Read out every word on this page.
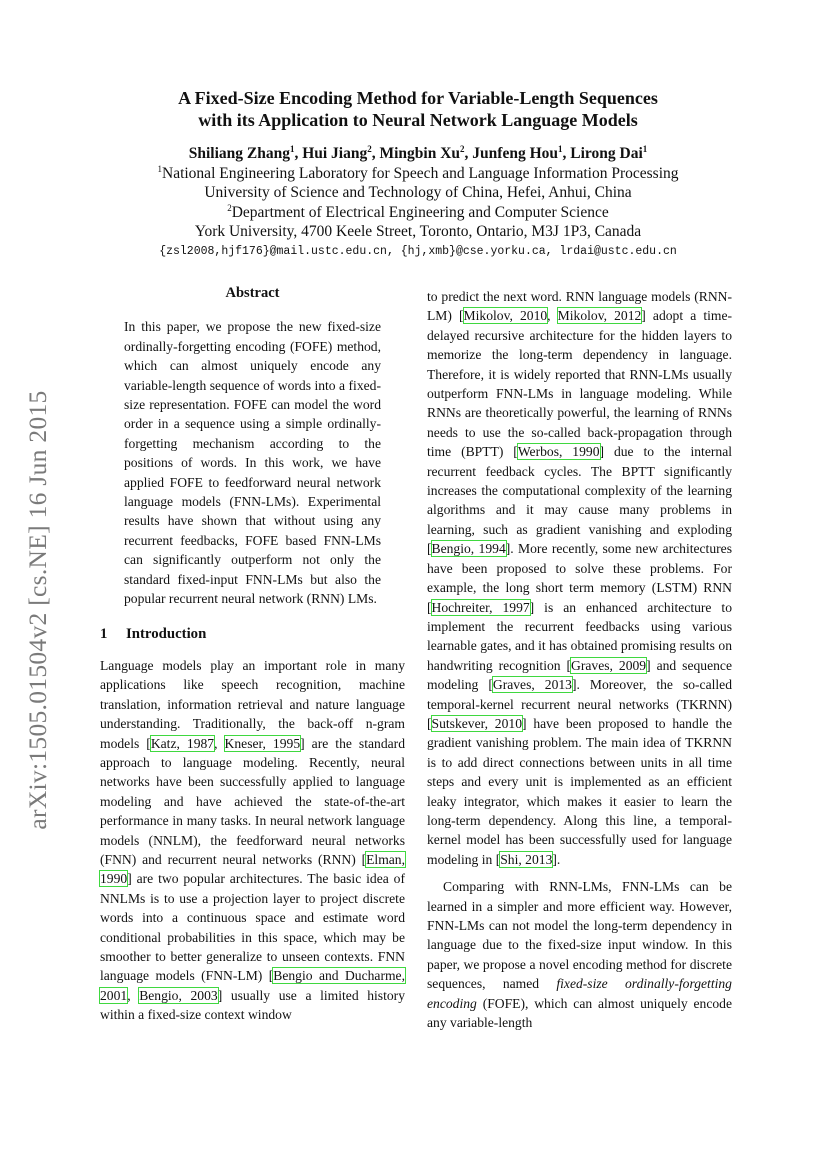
arXiv:1505.01504v2 [cs.NE] 16 Jun 2015
A Fixed-Size Encoding Method for Variable-Length Sequences
with its Application to Neural Network Language Models
Shiliang Zhang$^1$, Hui Jiang$^2$, Mingbin Xu$^2$, Junfeng Hou$^1$, Lirong Dai$^1$
$^1$National Engineering Laboratory for Speech and Language Information Processing
University of Science and Technology of China, Hefei, Anhui, China
$^2$Department of Electrical Engineering and Computer Science
York University, 4700 Keele Street, Toronto, Ontario, M3J 1P3, Canada
{zsl2008,hjf176}@mail.ustc.edu.cn, {hj,xmb}@cse.yorku.ca, lrdai@ustc.edu.cn
Abstract
In this paper, we propose the new fixed-size ordinally-forgetting encoding (FOFE) method, which can almost uniquely encode any variable-length sequence of words into a fixed-size representation. FOFE can model the word order in a sequence using a simple ordinally-forgetting mechanism according to the positions of words. In this work, we have applied FOFE to feedforward neural network language models (FNN-LMs). Experimental results have shown that without using any recurrent feedbacks, FOFE based FNN-LMs can significantly outperform not only the standard fixed-input FNN-LMs but also the popular recurrent neural network (RNN) LMs.
1 Introduction

Language models play an important role in many applications like speech recognition, machine translation, information retrieval and nature language understanding. Traditionally, the back-off n-gram models [Katz, 1987, Kneser, 1995] are the standard approach to language modeling. Recently, neural networks have been successfully applied to language modeling and have achieved the state-of-the-art performance in many tasks. In neural network language models (NNLM), the feedforward neural networks (FNN) and recurrent neural networks (RNN) [Elman, 1990] are two popular architectures. The basic idea of NNLMs is to use a projection layer to project discrete words into a continuous space and estimate word conditional probabilities in this space, which may be smoother to better generalize to unseen contexts. FNN language models (FNN-LM) [Bengio and Ducharme, 2001, Bengio, 2003] usually use a limited history within a fixed-size context window

to predict the next word. RNN language models (RNN-LM) [Mikolov, 2010, Mikolov, 2012] adopt a time-delayed recursive architecture for the hidden layers to memorize the long-term dependency in language. Therefore, it is widely reported that RNN-LMs usually outperform FNN-LMs in language modeling. While RNNs are theoretically powerful, the learning of RNNs needs to use the so-called back-propagation through time (BPTT) [Werbos, 1990] due to the internal recurrent feedback cycles. The BPTT significantly increases the computational complexity of the learning algorithms and it may cause many problems in learning, such as gradient vanishing and exploding [Bengio, 1994]. More recently, some new architectures have been proposed to solve these problems. For example, the long short term memory (LSTM) RNN [Hochreiter, 1997] is an enhanced architecture to implement the recurrent feedbacks using various learnable gates, and it has obtained promising results on handwriting recognition [Graves, 2009] and sequence modeling [Graves, 2013]. Moreover, the so-called temporal-kernel recurrent neural networks (TKRNN) [Sutskever, 2010] have been proposed to handle the gradient vanishing problem. The main idea of TKRNN is to add direct connections between units in all time steps and every unit is implemented as an efficient leaky integrator, which makes it easier to learn the long-term dependency. Along this line, a temporal-kernel model has been successfully used for language modeling in [Shi, 2013].

Comparing with RNN-LMs, FNN-LMs can be learned in a simpler and more efficient way. However, FNN-LMs can not model the long-term dependency in language due to the fixed-size input window. In this paper, we propose a novel encoding method for discrete sequences, named fixed-size ordinally-forgetting encoding (FOFE), which can almost uniquely encode any variable-length
